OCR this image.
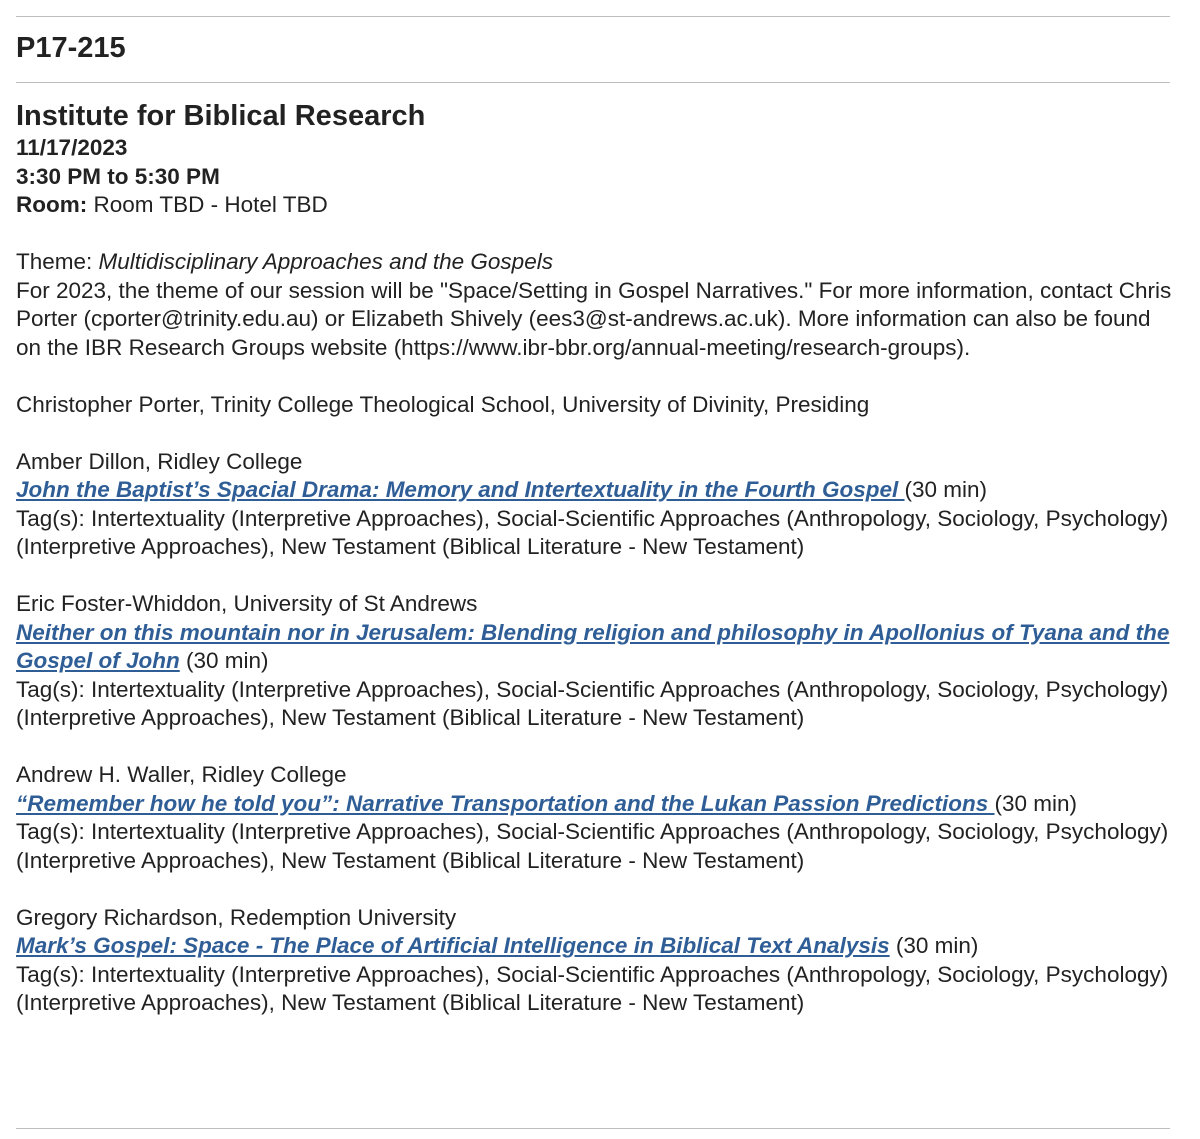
P17-215
Institute for Biblical Research
11/17/2023
3:30 PM to 5:30 PM
Room: Room TBD - Hotel TBD
Theme: Multidisciplinary Approaches and the Gospels
For 2023, the theme of our session will be "Space/Setting in Gospel Narratives." For more information, contact Chris Porter (cporter@trinity.edu.au) or Elizabeth Shively (ees3@st-andrews.ac.uk). More information can also be found on the IBR Research Groups website (https://www.ibr-bbr.org/annual-meeting/research-groups).
Christopher Porter, Trinity College Theological School, University of Divinity, Presiding
Amber Dillon, Ridley College
John the Baptist’s Spacial Drama: Memory and Intertextuality in the Fourth Gospel (30 min)
Tag(s): Intertextuality (Interpretive Approaches), Social-Scientific Approaches (Anthropology, Sociology, Psychology) (Interpretive Approaches), New Testament (Biblical Literature - New Testament)
Eric Foster-Whiddon, University of St Andrews
Neither on this mountain nor in Jerusalem: Blending religion and philosophy in Apollonius of Tyana and the Gospel of John (30 min)
Tag(s): Intertextuality (Interpretive Approaches), Social-Scientific Approaches (Anthropology, Sociology, Psychology) (Interpretive Approaches), New Testament (Biblical Literature - New Testament)
Andrew H. Waller, Ridley College
“Remember how he told you”: Narrative Transportation and the Lukan Passion Predictions (30 min)
Tag(s): Intertextuality (Interpretive Approaches), Social-Scientific Approaches (Anthropology, Sociology, Psychology) (Interpretive Approaches), New Testament (Biblical Literature - New Testament)
Gregory Richardson, Redemption University
Mark’s Gospel: Space - The Place of Artificial Intelligence in Biblical Text Analysis (30 min)
Tag(s): Intertextuality (Interpretive Approaches), Social-Scientific Approaches (Anthropology, Sociology, Psychology) (Interpretive Approaches), New Testament (Biblical Literature - New Testament)
